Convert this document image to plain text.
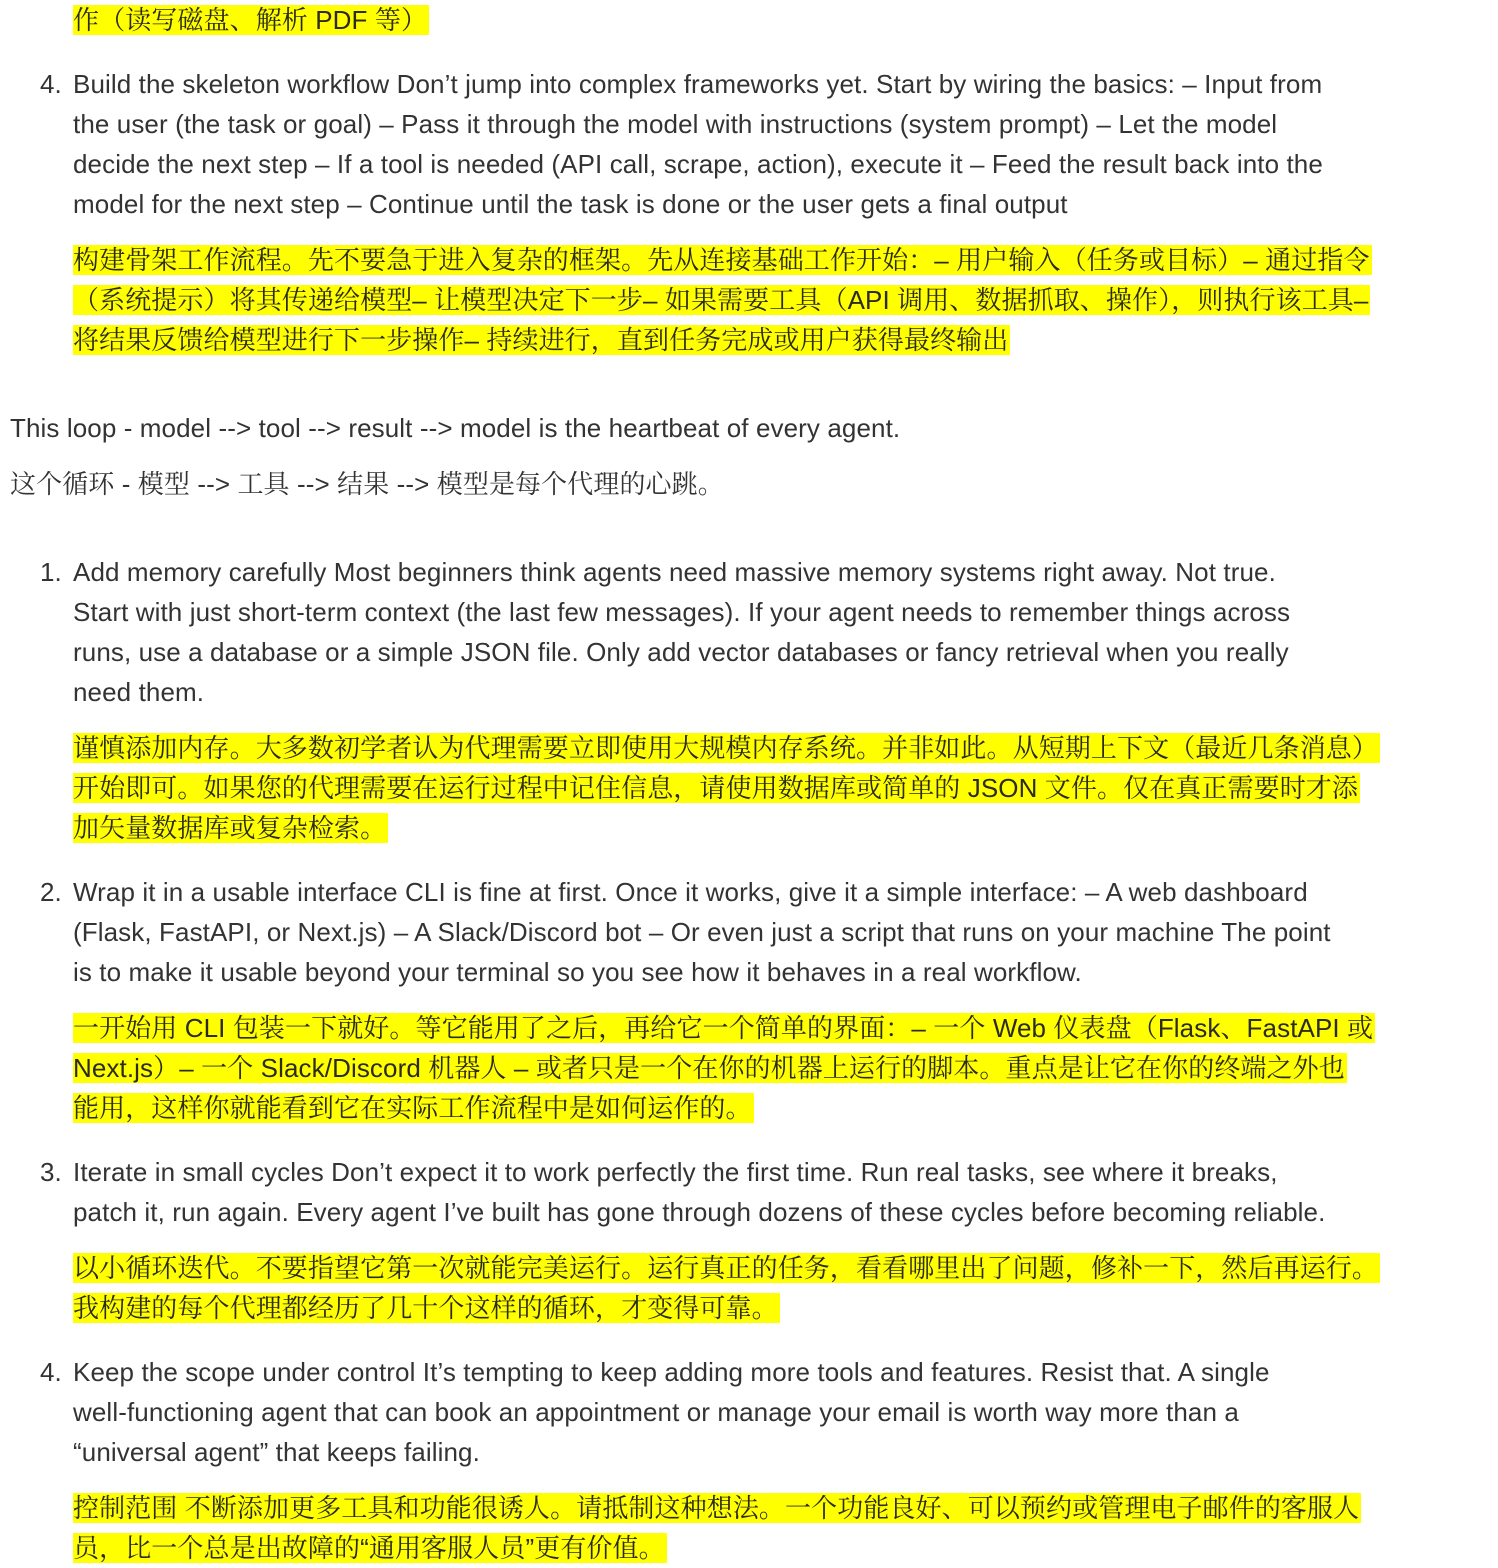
作（读写磁盘、解析 PDF 等）
4. Build the skeleton workflow Don’t jump into complex frameworks yet. Start by wiring the basics: – Input from
the user (the task or goal) – Pass it through the model with instructions (system prompt) – Let the model
decide the next step – If a tool is needed (API call, scrape, action), execute it – Feed the result back into the
model for the next step – Continue until the task is done or the user gets a final output
构建骨架工作流程。先不要急于进入复杂的框架。先从连接基础工作开始：– 用户输入（任务或目标）– 通过指令
（系统提示）将其传递给模型– 让模型决定下一步– 如果需要工具（API 调用、数据抓取、操作），则执行该工具–
将结果反馈给模型进行下一步操作– 持续进行，直到任务完成或用户获得最终输出
This loop - model --> tool --> result --> model is the heartbeat of every agent.
这个循环 - 模型 --> 工具 --> 结果 --> 模型是每个代理的心跳。
1. Add memory carefully Most beginners think agents need massive memory systems right away. Not true.
Start with just short-term context (the last few messages). If your agent needs to remember things across
runs, use a database or a simple JSON file. Only add vector databases or fancy retrieval when you really
need them.
谨慎添加内存。大多数初学者认为代理需要立即使用大规模内存系统。并非如此。从短期上下文（最近几条消息）
开始即可。如果您的代理需要在运行过程中记住信息，请使用数据库或简单的 JSON 文件。仅在真正需要时才添
加矢量数据库或复杂检索。
2. Wrap it in a usable interface CLI is fine at first. Once it works, give it a simple interface: – A web dashboard
(Flask, FastAPI, or Next.js) – A Slack/Discord bot – Or even just a script that runs on your machine The point
is to make it usable beyond your terminal so you see how it behaves in a real workflow.
一开始用 CLI 包装一下就好。等它能用了之后，再给它一个简单的界面：– 一个 Web 仪表盘（Flask、FastAPI 或
Next.js）– 一个 Slack/Discord 机器人 – 或者只是一个在你的机器上运行的脚本。重点是让它在你的终端之外也
能用，这样你就能看到它在实际工作流程中是如何运作的。
3. Iterate in small cycles Don’t expect it to work perfectly the first time. Run real tasks, see where it breaks,
patch it, run again. Every agent I’ve built has gone through dozens of these cycles before becoming reliable.
以小循环迭代。不要指望它第一次就能完美运行。运行真正的任务，看看哪里出了问题，修补一下，然后再运行。
我构建的每个代理都经历了几十个这样的循环，才变得可靠。
4. Keep the scope under control It’s tempting to keep adding more tools and features. Resist that. A single
well-functioning agent that can book an appointment or manage your email is worth way more than a
“universal agent” that keeps failing.
控制范围 不断添加更多工具和功能很诱人。请抵制这种想法。一个功能良好、可以预约或管理电子邮件的客服人
员，比一个总是出故障的“通用客服人员”更有价值。
